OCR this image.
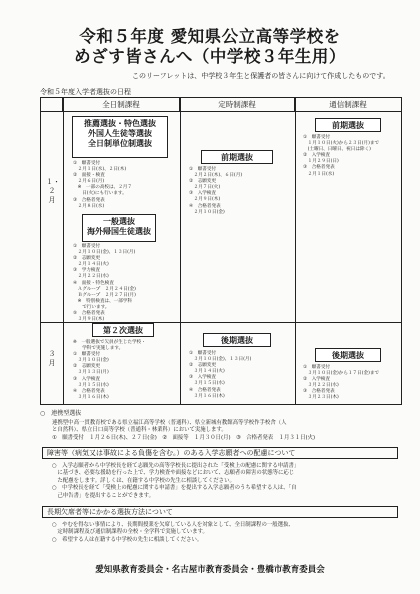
令和５年度 愛知県公立高等学校を
めざす皆さんへ（中学校３年生用）
このリーフレットは、中学校３年生と保護者の皆さんに向けて作成したものです。
令和５年度入学者選抜の日程
全日制課程	定時制課程	通信制課程
１・２月
３月
推薦選抜・特色選抜
外国人生徒等選抜
全日制単位制選抜
①　願書受付
　２月１日(水)、２日(木)
②　面接・検査
　２月６日(月)
　※　一部の高校は、２月７
　　日(火)にも行います。
③　合格者発表
　２月８日(水)
一般選抜
海外帰国生徒選抜
①　願書受付
　２月１０日(金)、１３日(月)
②　志願変更
　２月１４日(火)
③　学力検査
　２月２２日(水)
④　面接・特色検査
　Ａグループ　２月２４日(金)
　Ｂグループ　２月２７日(月)
　※　特別検査は、一部学科
　　で行います。
⑤　合格者発表
　３月９日(木)
第２次選抜
※　一般選抜で欠員が生じた学校・
　　学科で実施します。
①　願書受付
　３月１０日(金)
②　志願変更
　３月１３日(月)
③　入学検査
　３月１５日(水)
④　合格者発表
　３月１６日(木)
前期選抜
①　願書受付
　２月２日(木)、６日(月)
②　志願変更
　２月７日(火)
③　入学検査
　２月９日(木)
④　合格者発表
　２月１０日(金)
後期選抜
①　願書受付
　３月１０日(金)、１３日(月)
②　志願変更
　３月１４日(火)
③　入学検査
　３月１５日(水)
④　合格者発表
　３月１６日(木)
前期選抜
①　願書受付
　１月１０日(火)から２３日(月)まで
　(土曜日、日曜日、祝日は除く)
②　入学検査
　１月２９日(日)
③　合格者発表
　２月１日(水)
後期選抜
①　願書受付
　３月１０日(金)から１７日(金)まで
②　入学検査
　３月２２日(水)
③　合格者発表
　３月２３日(木)
○　連携型選抜
連携型中高一貫教育校である県立福江高等学校（普通科）、県立新城有教館高等学校作手校舎（人
と自然科）、県立日口高等学校（普通科・林業科）において実施します。
①　願書受付　１月２６日(木)、２７日(金)　②　面接等　１月３０日(月)　③　合格者発表　１月３１日(火)
障害等（病気又は事故による負傷を含む。）のある入学志願者への配慮について
○　入学志願者から中学校長を経て志願先の高等学校長に提出された「受検上の配慮に関する申請書」
　に基づき、必要な援助を行った上で、学力検査や面接などにおいて、志願者の障害の状態等に応じ
　た配慮をします。詳しくは、在籍する中学校の先生に相談してください。
○　中学校長を経て「受検上の配慮に関する申請書」を提出する入学志願者のうち希望する人は、「自
　己申告書」を提出することができます。
長期欠席者等にかかる選抜方法について
○　やむを得ない事情により、長期間授業を欠席している人を対象として、全日制課程の一般選抜、
　定時制課程及び通信制課程の全校・全学科で実施しています。
○　希望する人は在籍する中学校の先生に相談してください。
愛知県教育委員会・名古屋市教育委員会・豊橋市教育委員会
